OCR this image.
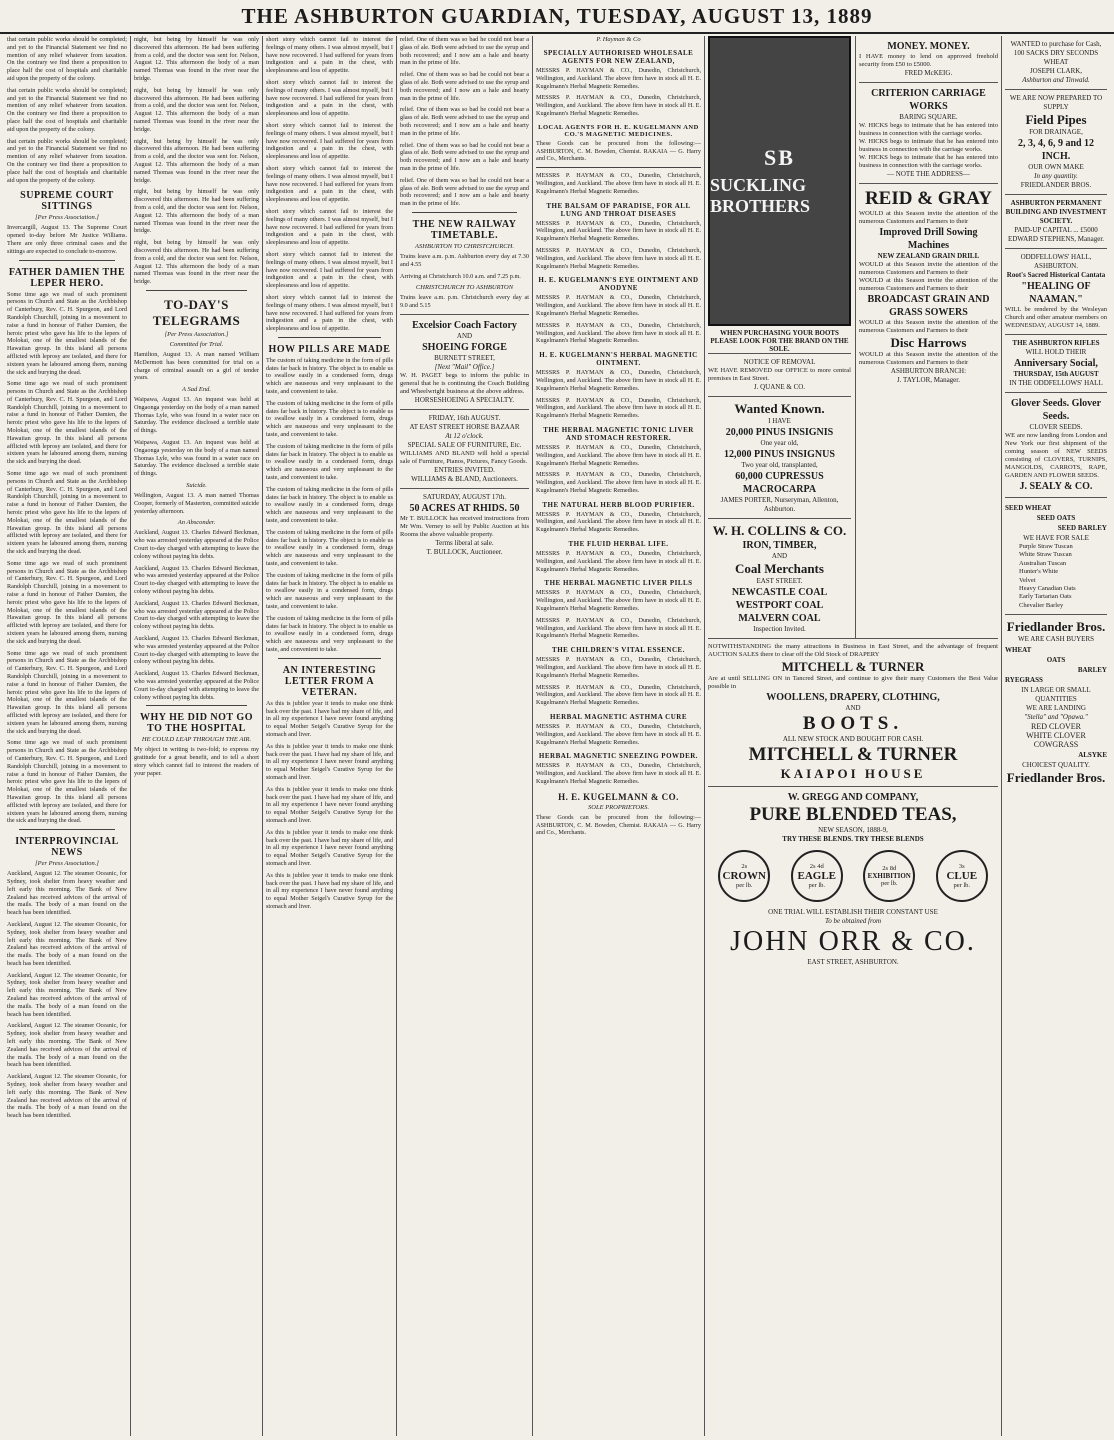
THE ASHBURTON GUARDIAN, TUESDAY, AUGUST 13, 1889

that certain public works should be completed; and yet to the Financial Statement we find no mention of any relief whatever from taxation. On the contrary we find there a proposition to place half the cost of hospitals and charitable aid upon the property of the colony.

that certain public works should be completed; and yet to the Financial Statement we find no mention of any relief whatever from taxation. On the contrary we find there a proposition to place half the cost of hospitals and charitable aid upon the property of the colony.

that certain public works should be completed; and yet to the Financial Statement we find no mention of any relief whatever from taxation. On the contrary we find there a proposition to place half the cost of hospitals and charitable aid upon the property of the colony.

SUPREME COURT SITTINGS
[Per Press Association.]

Invercargill, August 13. The Supreme Court opened to-day before Mr Justice Williams. There are only three criminal cases and the sittings are expected to conclude to-morrow.

FATHER DAMIEN THE LEPER HERO.

Some time ago we read of such prominent persons in Church and State as the Archbishop of Canterbury, Rev. C. H. Spurgeon, and Lord Randolph Churchill, joining in a movement to raise a fund in honour of Father Damien, the heroic priest who gave his life to the lepers of Molokai, one of the smallest islands of the Hawaiian group. In this island all persons afflicted with leprosy are isolated, and there for sixteen years he laboured among them, nursing the sick and burying the dead.

Some time ago we read of such prominent persons in Church and State as the Archbishop of Canterbury, Rev. C. H. Spurgeon, and Lord Randolph Churchill, joining in a movement to raise a fund in honour of Father Damien, the heroic priest who gave his life to the lepers of Molokai, one of the smallest islands of the Hawaiian group. In this island all persons afflicted with leprosy are isolated, and there for sixteen years he laboured among them, nursing the sick and burying the dead.

Some time ago we read of such prominent persons in Church and State as the Archbishop of Canterbury, Rev. C. H. Spurgeon, and Lord Randolph Churchill, joining in a movement to raise a fund in honour of Father Damien, the heroic priest who gave his life to the lepers of Molokai, one of the smallest islands of the Hawaiian group. In this island all persons afflicted with leprosy are isolated, and there for sixteen years he laboured among them, nursing the sick and burying the dead.

Some time ago we read of such prominent persons in Church and State as the Archbishop of Canterbury, Rev. C. H. Spurgeon, and Lord Randolph Churchill, joining in a movement to raise a fund in honour of Father Damien, the heroic priest who gave his life to the lepers of Molokai, one of the smallest islands of the Hawaiian group. In this island all persons afflicted with leprosy are isolated, and there for sixteen years he laboured among them, nursing the sick and burying the dead.

Some time ago we read of such prominent persons in Church and State as the Archbishop of Canterbury, Rev. C. H. Spurgeon, and Lord Randolph Churchill, joining in a movement to raise a fund in honour of Father Damien, the heroic priest who gave his life to the lepers of Molokai, one of the smallest islands of the Hawaiian group. In this island all persons afflicted with leprosy are isolated, and there for sixteen years he laboured among them, nursing the sick and burying the dead.

Some time ago we read of such prominent persons in Church and State as the Archbishop of Canterbury, Rev. C. H. Spurgeon, and Lord Randolph Churchill, joining in a movement to raise a fund in honour of Father Damien, the heroic priest who gave his life to the lepers of Molokai, one of the smallest islands of the Hawaiian group. In this island all persons afflicted with leprosy are isolated, and there for sixteen years he laboured among them, nursing the sick and burying the dead.

INTERPROVINCIAL NEWS
[Per Press Association.]

Auckland, August 12. The steamer Oceanic, for Sydney, took shelter from heavy weather and left early this morning. The Bank of New Zealand has received advices of the arrival of the mails. The body of a man found on the beach has been identified.

Auckland, August 12. The steamer Oceanic, for Sydney, took shelter from heavy weather and left early this morning. The Bank of New Zealand has received advices of the arrival of the mails. The body of a man found on the beach has been identified.

Auckland, August 12. The steamer Oceanic, for Sydney, took shelter from heavy weather and left early this morning. The Bank of New Zealand has received advices of the arrival of the mails. The body of a man found on the beach has been identified.

Auckland, August 12. The steamer Oceanic, for Sydney, took shelter from heavy weather and left early this morning. The Bank of New Zealand has received advices of the arrival of the mails. The body of a man found on the beach has been identified.

Auckland, August 12. The steamer Oceanic, for Sydney, took shelter from heavy weather and left early this morning. The Bank of New Zealand has received advices of the arrival of the mails. The body of a man found on the beach has been identified.

night, but being by himself he was only discovered this afternoon. He had been suffering from a cold, and the doctor was sent for. Nelson, August 12. This afternoon the body of a man named Thomas was found in the river near the bridge.

night, but being by himself he was only discovered this afternoon. He had been suffering from a cold, and the doctor was sent for. Nelson, August 12. This afternoon the body of a man named Thomas was found in the river near the bridge.

night, but being by himself he was only discovered this afternoon. He had been suffering from a cold, and the doctor was sent for. Nelson, August 12. This afternoon the body of a man named Thomas was found in the river near the bridge.

night, but being by himself he was only discovered this afternoon. He had been suffering from a cold, and the doctor was sent for. Nelson, August 12. This afternoon the body of a man named Thomas was found in the river near the bridge.

night, but being by himself he was only discovered this afternoon. He had been suffering from a cold, and the doctor was sent for. Nelson, August 12. This afternoon the body of a man named Thomas was found in the river near the bridge.

TO-DAY'S TELEGRAMS
[Per Press Association.]
Committed for Trial.

Hamilton, August 13. A man named William McDermott has been committed for trial on a charge of criminal assault on a girl of tender years.

A Sad End.

Waipawa, August 13. An inquest was held at Ongaonga yesterday on the body of a man named Thomas Lyle, who was found in a water race on Saturday. The evidence disclosed a terrible state of things.

Waipawa, August 13. An inquest was held at Ongaonga yesterday on the body of a man named Thomas Lyle, who was found in a water race on Saturday. The evidence disclosed a terrible state of things.

Suicide.

Wellington, August 13. A man named Thomas Cooper, formerly of Masterton, committed suicide yesterday afternoon.

An Absconder.

Auckland, August 13. Charles Edward Beckman, who was arrested yesterday appeared at the Police Court to-day charged with attempting to leave the colony without paying his debts.

Auckland, August 13. Charles Edward Beckman, who was arrested yesterday appeared at the Police Court to-day charged with attempting to leave the colony without paying his debts.

Auckland, August 13. Charles Edward Beckman, who was arrested yesterday appeared at the Police Court to-day charged with attempting to leave the colony without paying his debts.

Auckland, August 13. Charles Edward Beckman, who was arrested yesterday appeared at the Police Court to-day charged with attempting to leave the colony without paying his debts.

Auckland, August 13. Charles Edward Beckman, who was arrested yesterday appeared at the Police Court to-day charged with attempting to leave the colony without paying his debts.

WHY HE DID NOT GO TO THE HOSPITAL
HE COULD LEAP THROUGH THE AIR.

My object in writing is two-fold; to express my gratitude for a great benefit, and to tell a short story which cannot fail to interest the readers of your paper.

short story which cannot fail to interest the feelings of many others. I was almost myself, but I have now recovered. I had suffered for years from indigestion and a pain in the chest, with sleeplessness and loss of appetite.

short story which cannot fail to interest the feelings of many others. I was almost myself, but I have now recovered. I had suffered for years from indigestion and a pain in the chest, with sleeplessness and loss of appetite.

short story which cannot fail to interest the feelings of many others. I was almost myself, but I have now recovered. I had suffered for years from indigestion and a pain in the chest, with sleeplessness and loss of appetite.

short story which cannot fail to interest the feelings of many others. I was almost myself, but I have now recovered. I had suffered for years from indigestion and a pain in the chest, with sleeplessness and loss of appetite.

short story which cannot fail to interest the feelings of many others. I was almost myself, but I have now recovered. I had suffered for years from indigestion and a pain in the chest, with sleeplessness and loss of appetite.

short story which cannot fail to interest the feelings of many others. I was almost myself, but I have now recovered. I had suffered for years from indigestion and a pain in the chest, with sleeplessness and loss of appetite.

short story which cannot fail to interest the feelings of many others. I was almost myself, but I have now recovered. I had suffered for years from indigestion and a pain in the chest, with sleeplessness and loss of appetite.

HOW PILLS ARE MADE

The custom of taking medicine in the form of pills dates far back in history. The object is to enable us to swallow easily in a condensed form, drugs which are nauseous and very unpleasant to the taste, and convenient to take.

The custom of taking medicine in the form of pills dates far back in history. The object is to enable us to swallow easily in a condensed form, drugs which are nauseous and very unpleasant to the taste, and convenient to take.

The custom of taking medicine in the form of pills dates far back in history. The object is to enable us to swallow easily in a condensed form, drugs which are nauseous and very unpleasant to the taste, and convenient to take.

The custom of taking medicine in the form of pills dates far back in history. The object is to enable us to swallow easily in a condensed form, drugs which are nauseous and very unpleasant to the taste, and convenient to take.

The custom of taking medicine in the form of pills dates far back in history. The object is to enable us to swallow easily in a condensed form, drugs which are nauseous and very unpleasant to the taste, and convenient to take.

The custom of taking medicine in the form of pills dates far back in history. The object is to enable us to swallow easily in a condensed form, drugs which are nauseous and very unpleasant to the taste, and convenient to take.

The custom of taking medicine in the form of pills dates far back in history. The object is to enable us to swallow easily in a condensed form, drugs which are nauseous and very unpleasant to the taste, and convenient to take.

AN INTERESTING LETTER FROM A VETERAN.

As this is jubilee year it tends to make one think back over the past. I have had my share of life, and in all my experience I have never found anything to equal Mother Seigel's Curative Syrup for the stomach and liver.

As this is jubilee year it tends to make one think back over the past. I have had my share of life, and in all my experience I have never found anything to equal Mother Seigel's Curative Syrup for the stomach and liver.

As this is jubilee year it tends to make one think back over the past. I have had my share of life, and in all my experience I have never found anything to equal Mother Seigel's Curative Syrup for the stomach and liver.

As this is jubilee year it tends to make one think back over the past. I have had my share of life, and in all my experience I have never found anything to equal Mother Seigel's Curative Syrup for the stomach and liver.

As this is jubilee year it tends to make one think back over the past. I have had my share of life, and in all my experience I have never found anything to equal Mother Seigel's Curative Syrup for the stomach and liver.

relief. One of them was so bad he could not bear a glass of ale. Both were advised to use the syrup and both recovered; and I now am a hale and hearty man in the prime of life.

relief. One of them was so bad he could not bear a glass of ale. Both were advised to use the syrup and both recovered; and I now am a hale and hearty man in the prime of life.

relief. One of them was so bad he could not bear a glass of ale. Both were advised to use the syrup and both recovered; and I now am a hale and hearty man in the prime of life.

relief. One of them was so bad he could not bear a glass of ale. Both were advised to use the syrup and both recovered; and I now am a hale and hearty man in the prime of life.

relief. One of them was so bad he could not bear a glass of ale. Both were advised to use the syrup and both recovered; and I now am a hale and hearty man in the prime of life.

THE NEW RAILWAY TIMETABLE.
ASHBURTON TO CHRISTCHURCH.

Trains leave a.m. p.m. Ashburton every day at 7.30 and 4.55

Arriving at Christchurch 10.0 a.m. and 7.25 p.m.

CHRISTCHURCH TO ASHBURTON

Trains leave a.m. p.m. Christchurch every day at 9.0 and 5.15

Excelsior Coach Factory
AND
SHOEING FORGE
BURNETT STREET,
[Next "Mail" Office.]
W. H. PAGET begs to inform the public in general that he is continuing the Coach Building and Wheelwright business at the above address.
HORSESHOEING A SPECIALTY.
FRIDAY, 16th AUGUST.
AT EAST STREET HORSE BAZAAR
At 12 o'clock.
SPECIAL SALE OF FURNITURE, Etc.
WILLIAMS AND BLAND will hold a special sale of Furniture, Pianos, Pictures, Fancy Goods.
ENTRIES INVITED.
WILLIAMS & BLAND, Auctioneers.
SATURDAY, AUGUST 17th.
50 ACRES AT RHIDS. 50
Mr T. BULLOCK has received instructions from Mr Wm. Verney to sell by Public Auction at his Rooms the above valuable property.
Terms liberal at sale.
T. BULLOCK, Auctioneer.
P. Hayman & Co
SPECIALLY AUTHORISED WHOLESALE AGENTS FOR NEW ZEALAND,

MESSRS P. HAYMAN & CO., Dunedin, Christchurch, Wellington, and Auckland. The above firm have in stock all H. E. Kugelmann's Herbal Magnetic Remedies.

MESSRS P. HAYMAN & CO., Dunedin, Christchurch, Wellington, and Auckland. The above firm have in stock all H. E. Kugelmann's Herbal Magnetic Remedies.

LOCAL AGENTS FOR H. E. KUGELMANN AND CO.'S MAGNETIC MEDICINES.

These Goods can be procured from the following:—ASHBURTON, C. M. Bowden, Chemist. RAKAIA — G. Harry and Co., Merchants.

MESSRS P. HAYMAN & CO., Dunedin, Christchurch, Wellington, and Auckland. The above firm have in stock all H. E. Kugelmann's Herbal Magnetic Remedies.

THE BALSAM OF PARADISE, FOR ALL LUNG AND THROAT DISEASES

MESSRS P. HAYMAN & CO., Dunedin, Christchurch, Wellington, and Auckland. The above firm have in stock all H. E. Kugelmann's Herbal Magnetic Remedies.

MESSRS P. HAYMAN & CO., Dunedin, Christchurch, Wellington, and Auckland. The above firm have in stock all H. E. Kugelmann's Herbal Magnetic Remedies.

H. E. KUGELMANN'S EYE OINTMENT AND ANODYNE

MESSRS P. HAYMAN & CO., Dunedin, Christchurch, Wellington, and Auckland. The above firm have in stock all H. E. Kugelmann's Herbal Magnetic Remedies.

MESSRS P. HAYMAN & CO., Dunedin, Christchurch, Wellington, and Auckland. The above firm have in stock all H. E. Kugelmann's Herbal Magnetic Remedies.

H. E. KUGELMANN'S HERBAL MAGNETIC OINTMENT.

MESSRS P. HAYMAN & CO., Dunedin, Christchurch, Wellington, and Auckland. The above firm have in stock all H. E. Kugelmann's Herbal Magnetic Remedies.

MESSRS P. HAYMAN & CO., Dunedin, Christchurch, Wellington, and Auckland. The above firm have in stock all H. E. Kugelmann's Herbal Magnetic Remedies.

THE HERBAL MAGNETIC TONIC LIVER AND STOMACH RESTORER.

MESSRS P. HAYMAN & CO., Dunedin, Christchurch, Wellington, and Auckland. The above firm have in stock all H. E. Kugelmann's Herbal Magnetic Remedies.

MESSRS P. HAYMAN & CO., Dunedin, Christchurch, Wellington, and Auckland. The above firm have in stock all H. E. Kugelmann's Herbal Magnetic Remedies.

THE NATURAL HERB BLOOD PURIFIER.

MESSRS P. HAYMAN & CO., Dunedin, Christchurch, Wellington, and Auckland. The above firm have in stock all H. E. Kugelmann's Herbal Magnetic Remedies.

THE FLUID HERBAL LIFE.

MESSRS P. HAYMAN & CO., Dunedin, Christchurch, Wellington, and Auckland. The above firm have in stock all H. E. Kugelmann's Herbal Magnetic Remedies.

THE HERBAL MAGNETIC LIVER PILLS

MESSRS P. HAYMAN & CO., Dunedin, Christchurch, Wellington, and Auckland. The above firm have in stock all H. E. Kugelmann's Herbal Magnetic Remedies.

MESSRS P. HAYMAN & CO., Dunedin, Christchurch, Wellington, and Auckland. The above firm have in stock all H. E. Kugelmann's Herbal Magnetic Remedies.

THE CHILDREN'S VITAL ESSENCE.

MESSRS P. HAYMAN & CO., Dunedin, Christchurch, Wellington, and Auckland. The above firm have in stock all H. E. Kugelmann's Herbal Magnetic Remedies.

MESSRS P. HAYMAN & CO., Dunedin, Christchurch, Wellington, and Auckland. The above firm have in stock all H. E. Kugelmann's Herbal Magnetic Remedies.

HERBAL MAGNETIC ASTHMA CURE

MESSRS P. HAYMAN & CO., Dunedin, Christchurch, Wellington, and Auckland. The above firm have in stock all H. E. Kugelmann's Herbal Magnetic Remedies.

HERBAL MAGNETIC SNEEZING POWDER.

MESSRS P. HAYMAN & CO., Dunedin, Christchurch, Wellington, and Auckland. The above firm have in stock all H. E. Kugelmann's Herbal Magnetic Remedies.

H. E. KUGELMANN & CO.
SOLE PROPRIETORS.

These Goods can be procured from the following:—ASHBURTON, C. M. Bowden, Chemist. RAKAIA — G. Harry and Co., Merchants.

SB
SUCKLING BROTHERS
WHEN PURCHASING YOUR BOOTS PLEASE LOOK FOR THE BRAND ON THE SOLE.
NOTICE OF REMOVAL
WE HAVE REMOVED our OFFICE to more central premises in East Street.
J. QUANE & CO.
Wanted Known.
I HAVE
20,000 PINUS INSIGNIS
One year old,
12,000 PINUS INSIGNUS
Two year old, transplanted,
60,000 CUPRESSUS MACROCARPA
JAMES PORTER, Nurseryman, Allenton, Ashburton.
W. H. COLLINS & CO.
IRON, TIMBER,
AND
Coal Merchants
EAST STREET.
NEWCASTLE COAL
WESTPORT COAL
MALVERN COAL
Inspection Invited.
MONEY. MONEY.
I HAVE money to lend on approved freehold security from £50 to £5000.
FRED McKEIG.
CRITERION CARRIAGE WORKS
BARING SQUARE.
W. HICKS begs to intimate that he has entered into business in connection with the carriage works.
W. HICKS begs to intimate that he has entered into business in connection with the carriage works.
W. HICKS begs to intimate that he has entered into business in connection with the carriage works.
— NOTE THE ADDRESS—
REID & GRAY
WOULD at this Season invite the attention of the numerous Customers and Farmers to their
Improved Drill Sowing Machines
NEW ZEALAND GRAIN DRILL
WOULD at this Season invite the attention of the numerous Customers and Farmers to their
WOULD at this Season invite the attention of the numerous Customers and Farmers to their
BROADCAST GRAIN AND GRASS SOWERS
WOULD at this Season invite the attention of the numerous Customers and Farmers to their
Disc Harrows
WOULD at this Season invite the attention of the numerous Customers and Farmers to their
ASHBURTON BRANCH:
J. TAYLOR, Manager.
NOTWITHSTANDING the many attractions in Business in East Street, and the advantage of frequent AUCTION SALES there to clear off the Old Stock of DRAPERY
MITCHELL & TURNER
Are at until SELLING ON in Tancred Street, and continue to give their many Customers the Best Value possible in
WOOLLENS, DRAPERY, CLOTHING,
AND
BOOTS.
ALL NEW STOCK AND BOUGHT FOR CASH.
MITCHELL & TURNER
KAIAPOI HOUSE
W. GREGG AND COMPANY,
PURE BLENDED TEAS,
NEW SEASON, 1888-9,
TRY THESE BLENDS. TRY THESE BLENDS
2s
CROWN
per lb.
2s 4d
EAGLE
per lb.
2s 8d
EXHIBITION
per lb.
3s
CLUE
per lb.
ONE TRIAL WILL ESTABLISH THEIR CONSTANT USE
To be obtained from
JOHN ORR & CO.
EAST STREET, ASHBURTON.
WANTED to purchase for Cash,
100 SACKS DRY SECONDS WHEAT
JOSEPH CLARK,
Ashburton and Tinwald.
WE ARE NOW PREPARED TO SUPPLY
Field Pipes
FOR DRAINAGE,
2, 3, 4, 6, 9 and 12 INCH.
OUR OWN MAKE
In any quantity.
FRIEDLANDER BROS.
ASHBURTON PERMANENT BUILDING AND INVESTMENT SOCIETY.
PAID-UP CAPITAL ... £5000
EDWARD STEPHENS, Manager.
ODDFELLOWS' HALL,
ASHBURTON.
Root's Sacred Historical Cantata
"HEALING OF NAAMAN."
WILL be rendered by the Wesleyan Church and other amateur members on WEDNESDAY, AUGUST 14, 1889.
THE ASHBURTON RIFLES
WILL HOLD THEIR
Anniversary Social,
THURSDAY, 15th AUGUST
IN THE ODDFELLOWS' HALL
Glover Seeds. Glover Seeds.
CLOVER SEEDS.
WE are now landing from London and New York our first shipment of the coming season of NEW SEEDS consisting of CLOVERS, TURNIPS, MANGOLDS, CARROTS, RAPE, GARDEN AND FLOWER SEEDS.
J. SEALY & CO.
SEED WHEAT
SEED OATS
SEED BARLEY
WE HAVE FOR SALE
Purple Straw Tuscan
White Straw Tuscan
Australian Tuscan
Hunter's White
Velvet
Heavy Canadian Oats
Early Tartarian Oats
Chevalier Barley
Friedlander Bros.
WE ARE CASH BUYERS
WHEAT
OATS
BARLEY
RYEGRASS
IN LARGE OR SMALL QUANTITIES
WE ARE LANDING
"Stella" and "Opawa."
RED CLOVER
WHITE CLOVER
COWGRASS
ALSYKE
CHOICEST QUALITY.
Friedlander Bros.
